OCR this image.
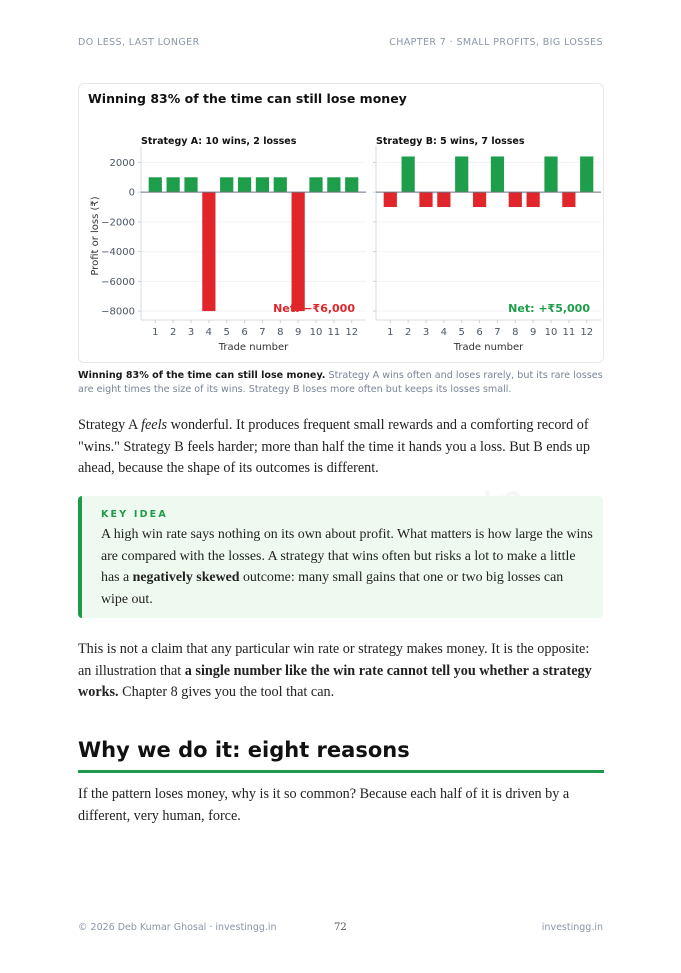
DO LESS, LAST LONGER	CHAPTER 7 · SMALL PROFITS, BIG LOSSES
Winning 83% of the time can still lose money
1 2 3 4 5 6 7 8 9 10 11 12
Trade number
Strategy A: 10 wins, 2 losses
Net: −₹6,000
2000
0
−2000
−4000
−6000
−8000
Profit or loss (₹)
1 2 3 4 5 6 7 8 9 10 11 12
Trade number
Strategy B: 5 wins, 7 losses
Net: +₹5,000
Winning 83% of the time can still lose money. Strategy A wins often and loses rarely, but its rare losses are eight times the size of its wins. Strategy B loses more often but keeps its losses small.
Strategy A feels wonderful. It produces frequent small rewards and a comforting record of "wins." Strategy B feels harder; more than half the time it hands you a loss. But B ends up ahead, because the shape of its outcomes is different.
KEY IDEA
A high win rate says nothing on its own about profit. What matters is how large the wins are compared with the losses. A strategy that wins often but risks a lot to make a little has a negatively skewed outcome: many small gains that one or two big losses can wipe out.
This is not a claim that any particular win rate or strategy makes money. It is the opposite: an illustration that a single number like the win rate cannot tell you whether a strategy works. Chapter 8 gives you the tool that can.
Why we do it: eight reasons
If the pattern loses money, why is it so common? Because each half of it is driven by a different, very human, force.
© 2026 Deb Kumar Ghosal · investingg.in	72	investingg.in
